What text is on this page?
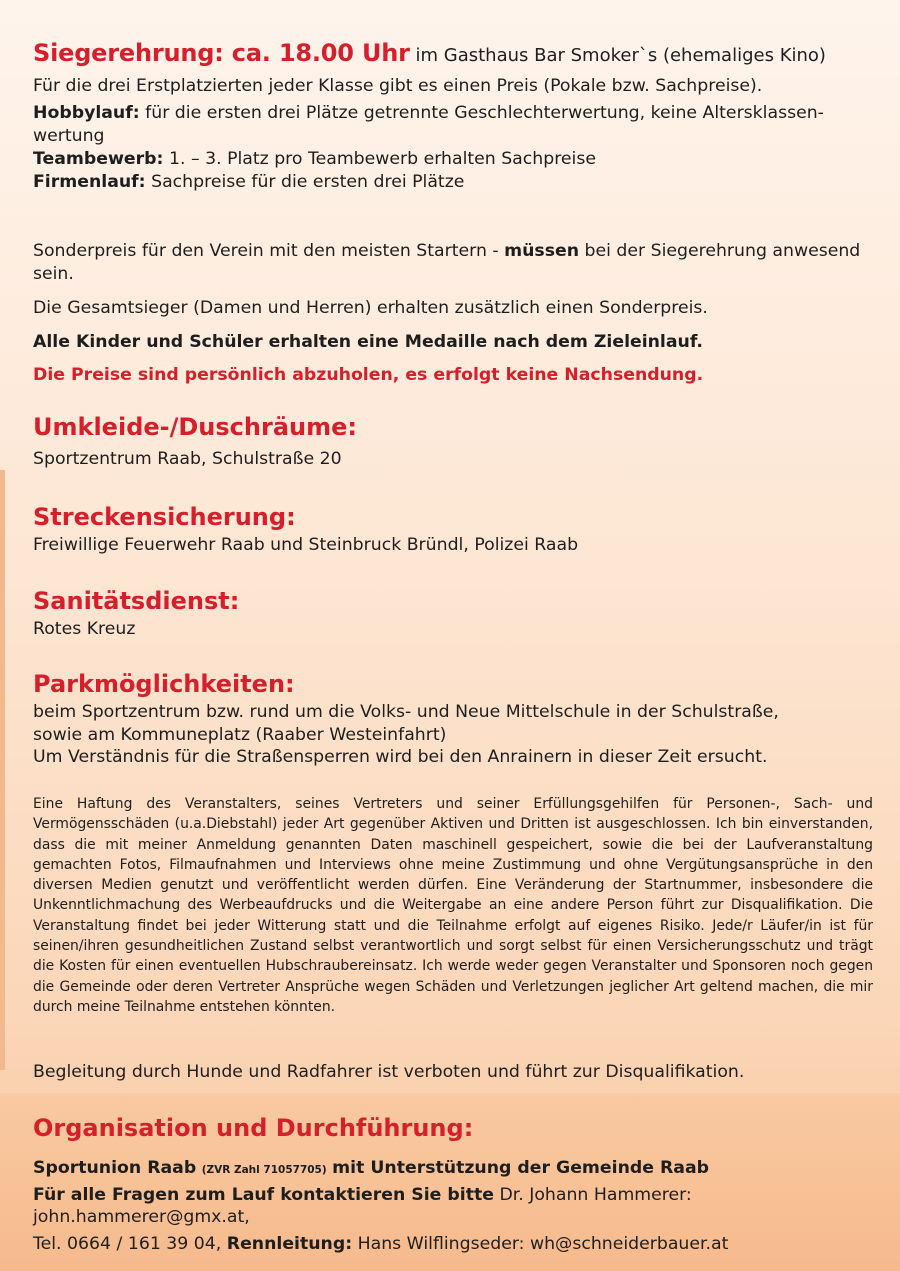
Siegerehrung: ca. 18.00 Uhr im Gasthaus Bar Smoker`s (ehemaliges Kino)

Für die drei Erstplatzierten jeder Klasse gibt es einen Preis (Pokale bzw. Sachpreise).

Hobbylauf: für die ersten drei Plätze getrennte Geschlechterwertung, keine Altersklassen-wertung

Teambewerb: 1. – 3. Platz pro Teambewerb erhalten Sachpreise

Firmenlauf: Sachpreise für die ersten drei Plätze

Sonderpreis für den Verein mit den meisten Startern - müssen bei der Siegerehrung anwesend sein.

Die Gesamtsieger (Damen und Herren) erhalten zusätzlich einen Sonderpreis.

Alle Kinder und Schüler erhalten eine Medaille nach dem Zieleinlauf.

Die Preise sind persönlich abzuholen, es erfolgt keine Nachsendung.

Umkleide-/Duschräume:

Sportzentrum Raab, Schulstraße 20

Streckensicherung:

Freiwillige Feuerwehr Raab und Steinbruck Bründl, Polizei Raab

Sanitätsdienst:

Rotes Kreuz

Parkmöglichkeiten:

beim Sportzentrum bzw. rund um die Volks- und Neue Mittelschule in der Schulstraße,

sowie am Kommuneplatz (Raaber Westeinfahrt)

Um Verständnis für die Straßensperren wird bei den Anrainern in dieser Zeit ersucht.

Eine Haftung des Veranstalters, seines Vertreters und seiner Erfüllungsgehilfen für Personen-, Sach- und Vermögensschäden (u.a.Diebstahl) jeder Art gegenüber Aktiven und Dritten ist ausgeschlossen. Ich bin einverstanden, dass die mit meiner Anmeldung genannten Daten maschinell gespeichert, sowie die bei der Laufveranstaltung gemachten Fotos, Filmaufnahmen und Interviews ohne meine Zustimmung und ohne Vergütungsansprüche in den diversen Medien genutzt und veröffentlicht werden dürfen. Eine Veränderung der Startnummer, insbesondere die Unkenntlichmachung des Werbeaufdrucks und die Weitergabe an eine andere Person führt zur Disqualifikation. Die Veranstaltung findet bei jeder Witterung statt und die Teilnahme erfolgt auf eigenes Risiko. Jede/r Läufer/in ist für seinen/ihren gesundheitlichen Zustand selbst verantwortlich und sorgt selbst für einen Versicherungsschutz und trägt die Kosten für einen eventuellen Hubschraubereinsatz. Ich werde weder gegen Veranstalter und Sponsoren noch gegen die Gemeinde oder deren Vertreter Ansprüche wegen Schäden und Verletzungen jeglicher Art geltend machen, die mir durch meine Teilnahme entstehen könnten.

Begleitung durch Hunde und Radfahrer ist verboten und führt zur Disqualifikation.

Organisation und Durchführung:

Sportunion Raab (ZVR Zahl 71057705) mit Unterstützung der Gemeinde Raab

Für alle Fragen zum Lauf kontaktieren Sie bitte Dr. Johann Hammerer: john.hammerer@gmx.at,

Tel. 0664 / 161 39 04, Rennleitung: Hans Wilflingseder: wh@schneiderbauer.at
